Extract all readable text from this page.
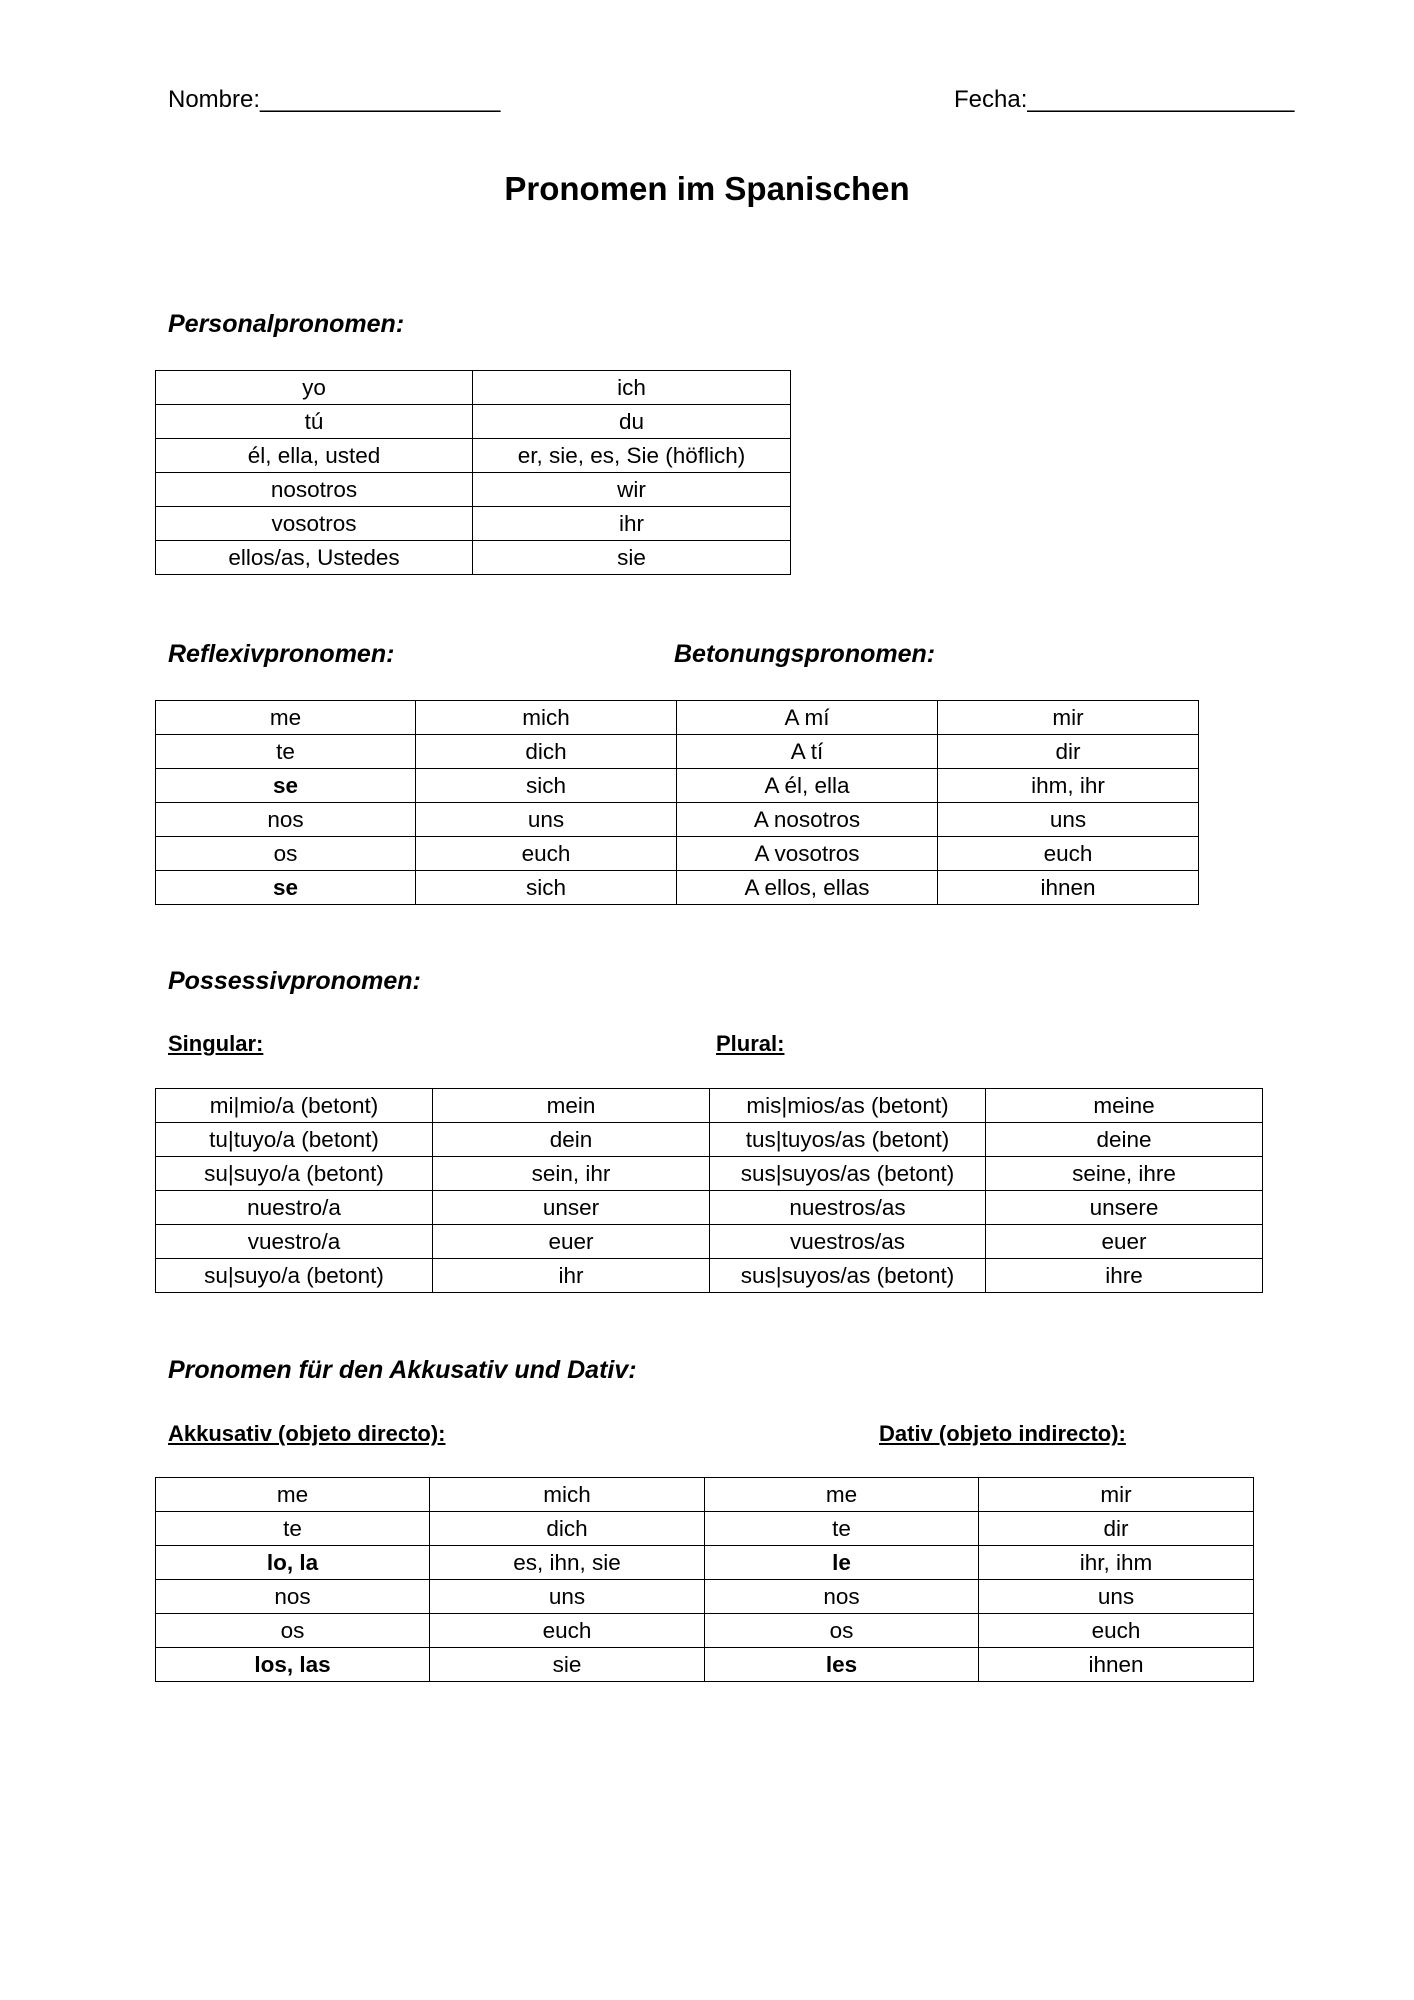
Nombre:__________________	Fecha:____________________
Pronomen im Spanischen
Personalpronomen:
yo	ich
tú	du
él, ella, usted	er, sie, es, Sie (höflich)
nosotros	wir
vosotros	ihr
ellos/as, Ustedes	sie
Reflexivpronomen:	Betonungspronomen:
me	mich	A mí	mir
te	dich	A tí	dir
se	sich	A él, ella	ihm, ihr
nos	uns	A nosotros	uns
os	euch	A vosotros	euch
se	sich	A ellos, ellas	ihnen
Possessivpronomen:
Singular:	Plural:
mi|mio/a (betont)	mein	mis|mios/as (betont)	meine
tu|tuyo/a (betont)	dein	tus|tuyos/as (betont)	deine
su|suyo/a (betont)	sein, ihr	sus|suyos/as (betont)	seine, ihre
nuestro/a	unser	nuestros/as	unsere
vuestro/a	euer	vuestros/as	euer
su|suyo/a (betont)	ihr	sus|suyos/as (betont)	ihre
Pronomen für den Akkusativ und Dativ:
Akkusativ (objeto directo):	Dativ (objeto indirecto):
me	mich	me	mir
te	dich	te	dir
lo, la	es, ihn, sie	le	ihr, ihm
nos	uns	nos	uns
os	euch	os	euch
los, las	sie	les	ihnen
